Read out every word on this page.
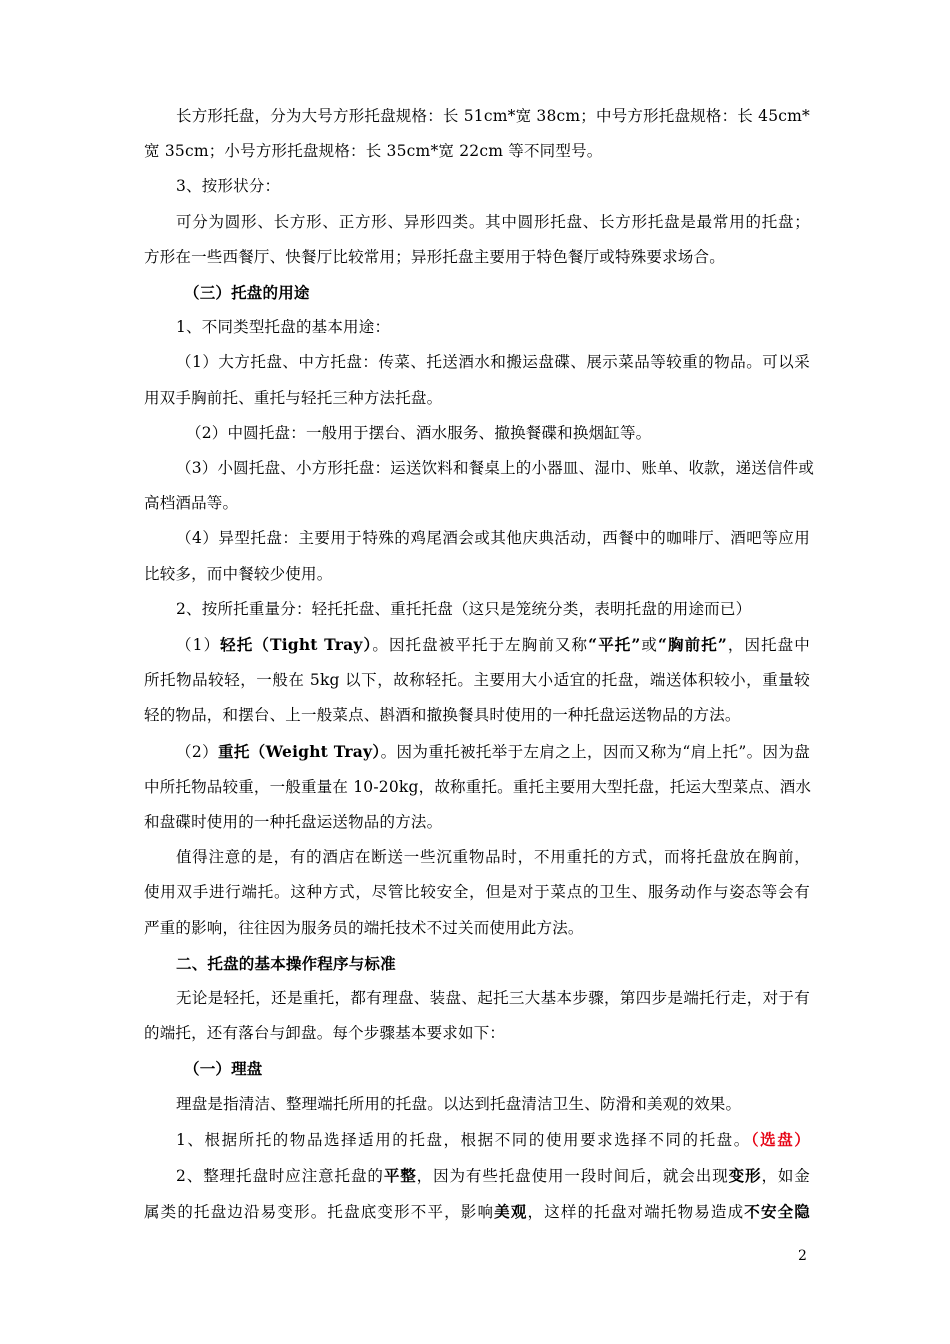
长方形托盘，分为大号方形托盘规格：长 51cm*宽 38cm；中号方形托盘规格：长 45cm*

宽 35cm；小号方形托盘规格：长 35cm*宽 22cm 等不同型号。

3、按形状分：

可分为圆形、长方形、正方形、异形四类。其中圆形托盘、长方形托盘是最常用的托盘；

方形在一些西餐厅、快餐厅比较常用；异形托盘主要用于特色餐厅或特殊要求场合。

（三）托盘的用途

1、不同类型托盘的基本用途：

（1）大方托盘、中方托盘：传菜、托送酒水和搬运盘碟、展示菜品等较重的物品。可以采

用双手胸前托、重托与轻托三种方法托盘。

（2）中圆托盘：一般用于摆台、酒水服务、撤换餐碟和换烟缸等。

（3）小圆托盘、小方形托盘：运送饮料和餐桌上的小器皿、湿巾、账单、收款，递送信件或

高档酒品等。

（4）异型托盘：主要用于特殊的鸡尾酒会或其他庆典活动，西餐中的咖啡厅、酒吧等应用

比较多，而中餐较少使用。

2、按所托重量分：轻托托盘、重托托盘（这只是笼统分类，表明托盘的用途而已）

（1）轻托（Tight Tray）。因托盘被平托于左胸前又称“平托”或“胸前托”，因托盘中

所托物品较轻，一般在 5kg 以下，故称轻托。主要用大小适宜的托盘，端送体积较小，重量较

轻的物品，和摆台、上一般菜点、斟酒和撤换餐具时使用的一种托盘运送物品的方法。

（2）重托（Weight Tray）。因为重托被托举于左肩之上，因而又称为“肩上托”。因为盘

中所托物品较重，一般重量在 10-20kg，故称重托。重托主要用大型托盘，托运大型菜点、酒水

和盘碟时使用的一种托盘运送物品的方法。

值得注意的是，有的酒店在断送一些沉重物品时，不用重托的方式，而将托盘放在胸前，

使用双手进行端托。这种方式，尽管比较安全，但是对于菜点的卫生、服务动作与姿态等会有

严重的影响，往往因为服务员的端托技术不过关而使用此方法。

二、托盘的基本操作程序与标准

无论是轻托，还是重托，都有理盘、装盘、起托三大基本步骤，第四步是端托行走，对于有

的端托，还有落台与卸盘。每个步骤基本要求如下：

（一）理盘

理盘是指清洁、整理端托所用的托盘。以达到托盘清洁卫生、防滑和美观的效果。

1、根据所托的物品选择适用的托盘，根据不同的使用要求选择不同的托盘。（选盘）

2、整理托盘时应注意托盘的平整，因为有些托盘使用一段时间后，就会出现变形，如金

属类的托盘边沿易变形。托盘底变形不平，影响美观，这样的托盘对端托物易造成不安全隐

2
